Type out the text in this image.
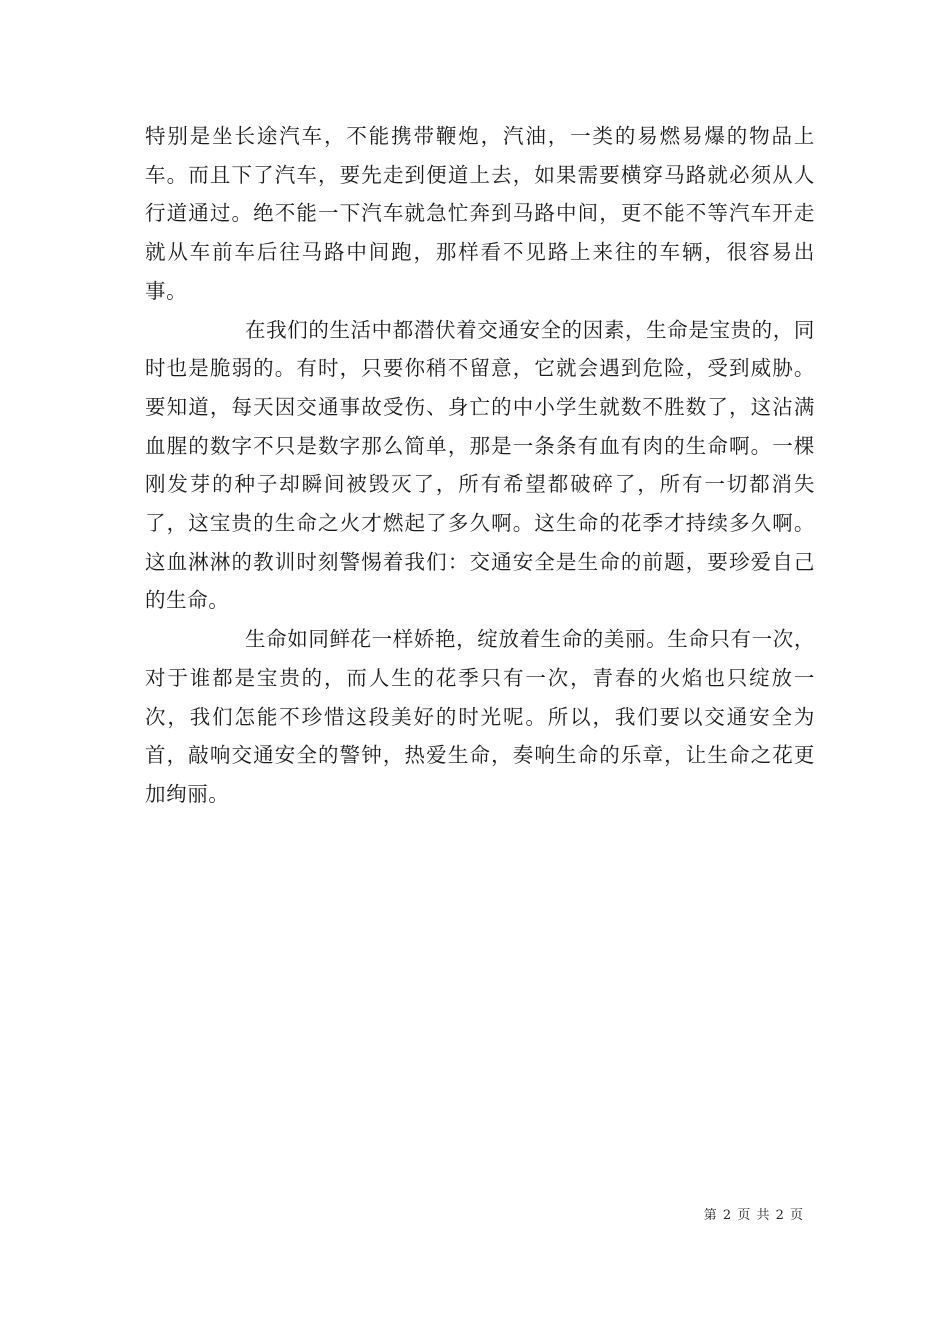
特别是坐长途汽车，不能携带鞭炮，汽油，一类的易燃易爆的物品上车。而且下了汽车，要先走到便道上去，如果需要横穿马路就必须从人行道通过。绝不能一下汽车就急忙奔到马路中间，更不能不等汽车开走就从车前车后往马路中间跑，那样看不见路上来往的车辆，很容易出事。

在我们的生活中都潜伏着交通安全的因素，生命是宝贵的，同时也是脆弱的。有时，只要你稍不留意，它就会遇到危险，受到威胁。要知道，每天因交通事故受伤、身亡的中小学生就数不胜数了，这沾满血腥的数字不只是数字那么简单，那是一条条有血有肉的生命啊。一棵刚发芽的种子却瞬间被毁灭了，所有希望都破碎了，所有一切都消失了，这宝贵的生命之火才燃起了多久啊。这生命的花季才持续多久啊。这血淋淋的教训时刻警惕着我们：交通安全是生命的前题，要珍爱自己的生命。

生命如同鲜花一样娇艳，绽放着生命的美丽。生命只有一次，对于谁都是宝贵的，而人生的花季只有一次，青春的火焰也只绽放一次，我们怎能不珍惜这段美好的时光呢。所以，我们要以交通安全为首，敲响交通安全的警钟，热爱生命，奏响生命的乐章，让生命之花更加绚丽。

第 2 页 共 2 页
